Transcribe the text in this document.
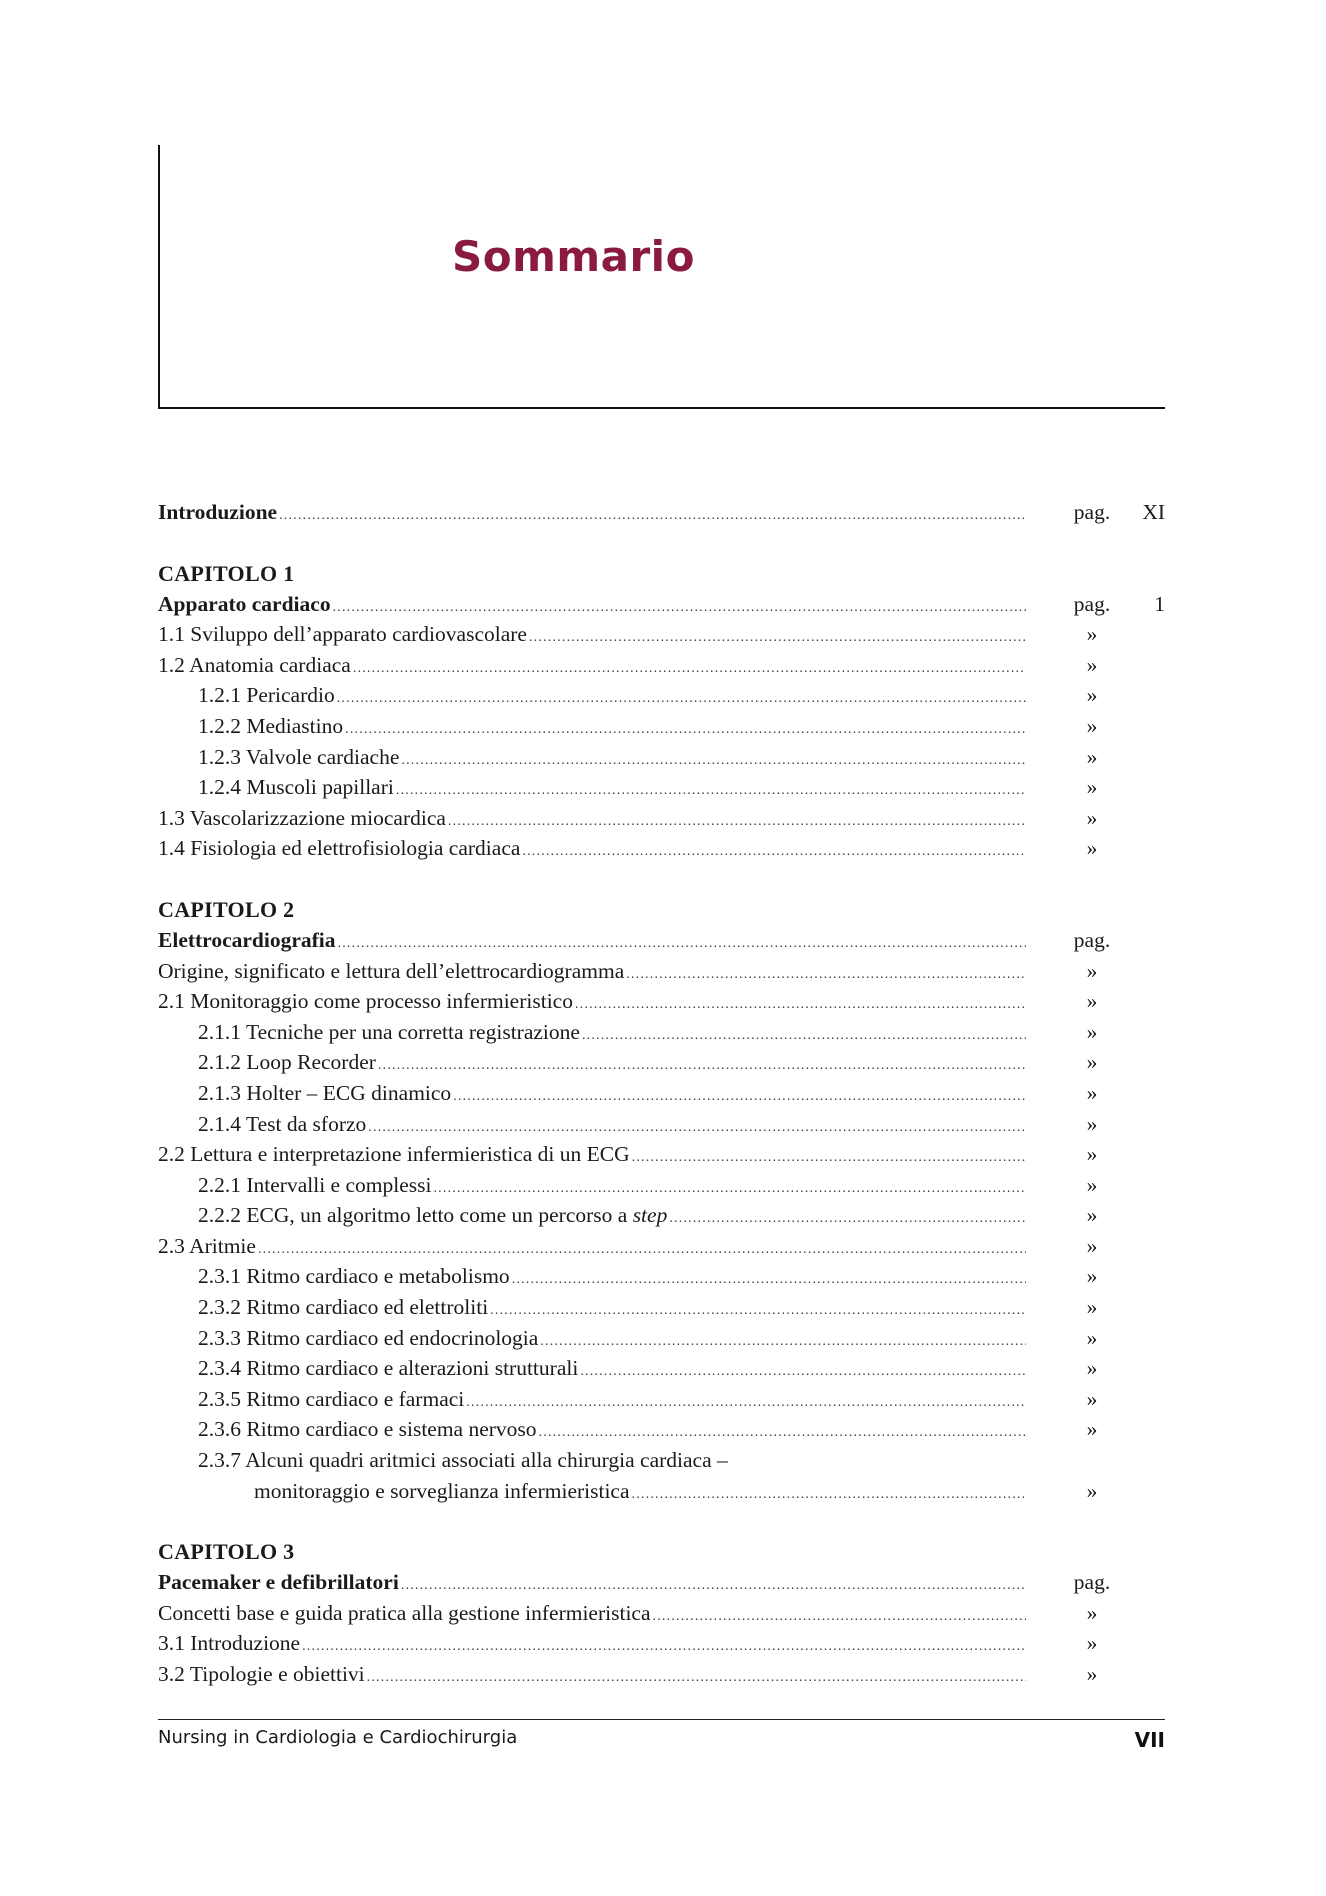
Sommario
Introduzione .....	pag.	XI
CAPITOLO 1
Apparato cardiaco .....	pag.	1
1.1 Sviluppo dell’apparato cardiovascolare .....	»
1.2 Anatomia cardiaca .....	»
1.2.1 Pericardio .....	»
1.2.2 Mediastino .....	»
1.2.3 Valvole cardiache .....	»
1.2.4 Muscoli papillari .....	»
1.3 Vascolarizzazione miocardica .....	»
1.4 Fisiologia ed elettrofisiologia cardiaca .....	»
CAPITOLO 2
Elettrocardiografia .....	pag.
Origine, significato e lettura dell’elettrocardiogramma .....	»
2.1 Monitoraggio come processo infermieristico .....	»
2.1.1 Tecniche per una corretta registrazione .....	»
2.1.2 Loop Recorder .....	»
2.1.3 Holter – ECG dinamico .....	»
2.1.4 Test da sforzo .....	»
2.2 Lettura e interpretazione infermieristica di un ECG .....	»
2.2.1 Intervalli e complessi .....	»
2.2.2 ECG, un algoritmo letto come un percorso a step .....	»
2.3 Aritmie .....	»
2.3.1 Ritmo cardiaco e metabolismo .....	»
2.3.2 Ritmo cardiaco ed elettroliti .....	»
2.3.3 Ritmo cardiaco ed endocrinologia .....	»
2.3.4 Ritmo cardiaco e alterazioni strutturali .....	»
2.3.5 Ritmo cardiaco e farmaci .....	»
2.3.6 Ritmo cardiaco e sistema nervoso .....	»
2.3.7 Alcuni quadri aritmici associati alla chirurgia cardiaca –
monitoraggio e sorveglianza infermieristica .....	»
CAPITOLO 3
Pacemaker e defibrillatori .....	pag.
Concetti base e guida pratica alla gestione infermieristica .....	»
3.1 Introduzione .....	»
3.2 Tipologie e obiettivi .....	»
Nursing in Cardiologia e Cardiochirurgia	VII
